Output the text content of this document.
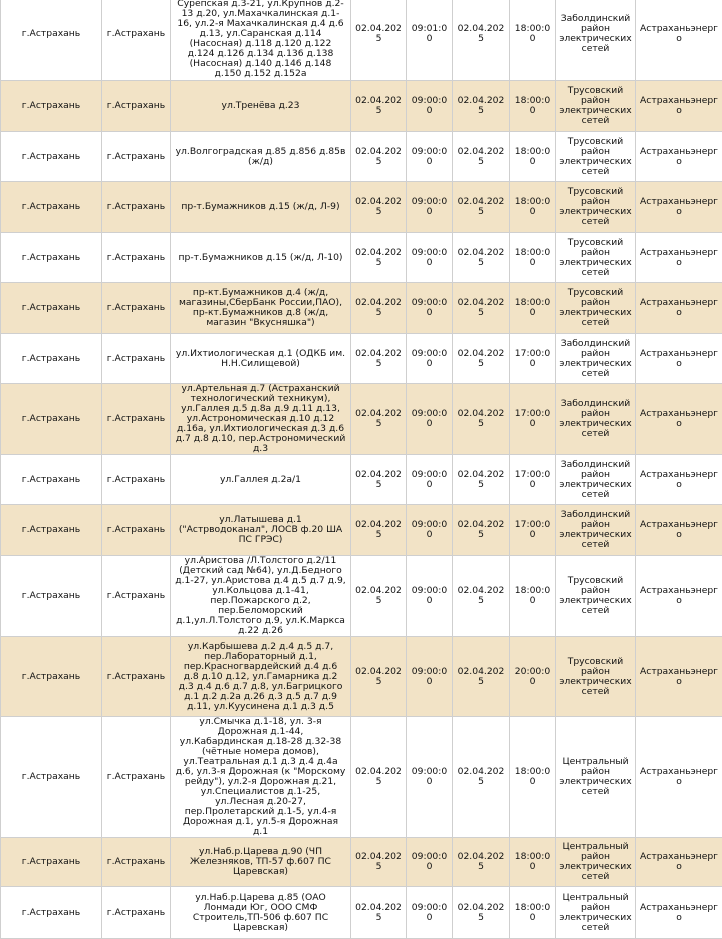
г.Астрахань	г.Астрахань	Сурепская д.3-21, ул.Крупнов д.2-13 д.20, ул.Махачкалинская д.1-16, ул.2-я Махачкалинская д.4 д.6 д.13, ул.Саранская д.114 (Насосная) д.118 д.120 д.122 д.124 д.126 д.134 д.136 д.138 (Насосная) д.140 д.146 д.148 д.150 д.152 д.152а	02.04.2025	09:01:00	02.04.2025	18:00:00	Заболдинский район электрических сетей	Астраханьэнерго
г.Астрахань	г.Астрахань	ул.Тренёва д.23	02.04.2025	09:00:00	02.04.2025	18:00:00	Трусовский район электрических сетей	Астраханьэнерго
г.Астрахань	г.Астрахань	ул.Волгоградская д.85 д.856 д.85в (ж/д)	02.04.2025	09:00:00	02.04.2025	18:00:00	Трусовский район электрических сетей	Астраханьэнерго
г.Астрахань	г.Астрахань	пр-т.Бумажников д.15 (ж/д, Л-9)	02.04.2025	09:00:00	02.04.2025	18:00:00	Трусовский район электрических сетей	Астраханьэнерго
г.Астрахань	г.Астрахань	пр-т.Бумажников д.15 (ж/д, Л-10)	02.04.2025	09:00:00	02.04.2025	18:00:00	Трусовский район электрических сетей	Астраханьэнерго
г.Астрахань	г.Астрахань	пр-кт.Бумажников д.4 (ж/д, магазины,СберБанк России,ПАО), пр-кт.Бумажников д.8 (ж/д, магазин "Вкусняшка")	02.04.2025	09:00:00	02.04.2025	18:00:00	Трусовский район электрических сетей	Астраханьэнерго
г.Астрахань	г.Астрахань	ул.Ихтиологическая д.1 (ОДКБ им. Н.Н.Силищевой)	02.04.2025	09:00:00	02.04.2025	17:00:00	Заболдинский район электрических сетей	Астраханьэнерго
г.Астрахань	г.Астрахань	ул.Артельная д.7 (Астраханский технологический техникум), ул.Галлея д.5 д.8а д.9 д.11 д.13, ул.Астрономическая д.10 д.12 д.16а, ул.Ихтиологическая д.3 д.6 д.7 д.8 д.10, пер.Астрономический д.3	02.04.2025	09:00:00	02.04.2025	17:00:00	Заболдинский район электрических сетей	Астраханьэнерго
г.Астрахань	г.Астрахань	ул.Галлея д.2а/1	02.04.2025	09:00:00	02.04.2025	17:00:00	Заболдинский район электрических сетей	Астраханьэнерго
г.Астрахань	г.Астрахань	ул.Латышева д.1 ("Астрводоканал", ЛОСВ ф.20 ША ПС ГРЭС)	02.04.2025	09:00:00	02.04.2025	17:00:00	Заболдинский район электрических сетей	Астраханьэнерго
г.Астрахань	г.Астрахань	ул.Аристова /Л.Толстого д.2/11 (Детский сад №64), ул.Д.Бедного д.1-27, ул.Аристова д.4 д.5 д.7 д.9, ул.Кольцова д.1-41, пер.Пожарского д.2, пер.Беломорский д.1,ул.Л.Толстого д.9, ул.К.Маркса д.22 д.26	02.04.2025	09:00:00	02.04.2025	18:00:00	Трусовский район электрических сетей	Астраханьэнерго
г.Астрахань	г.Астрахань	ул.Карбышева д.2 д.4 д.5 д.7, пер.Лабораторный д.1, пер.Красногвардейский д.4 д.6 д.8 д.10 д.12, ул.Гамарника д.2 д.3 д.4 д.6 д.7 д.8, ул.Багрицкого д.1 д.2 д.2а д.26 д.3 д.5 д.7 д.9 д.11, ул.Куусинена д.1 д.3 д.5	02.04.2025	09:00:00	02.04.2025	20:00:00	Трусовский район электрических сетей	Астраханьэнерго
г.Астрахань	г.Астрахань	ул.Смычка д.1-18, ул. 3-я Дорожная д.1-44, ул.Кабардинская д.18-28 д.32-38 (чётные номера домов), ул.Театральная д.1 д.3 д.4 д.4а д.6, ул.3-я Дорожная (к "Морскому рейду"), ул.2-я Дорожная д.21, ул.Специалистов д.1-25, ул.Лесная д.20-27, пер.Пролетарский д.1-5, ул.4-я Дорожная д.1, ул.5-я Дорожная д.1	02.04.2025	09:00:00	02.04.2025	18:00:00	Центральный район электрических сетей	Астраханьэнерго
г.Астрахань	г.Астрахань	ул.Наб.р.Царева д.90 (ЧП Железняков, ТП-57 ф.607 ПС Царевская)	02.04.2025	09:00:00	02.04.2025	18:00:00	Центральный район электрических сетей	Астраханьэнерго
г.Астрахань	г.Астрахань	ул.Наб.р.Царева д.85 (ОАО Лонмади Юг, ООО СМФ Строитель,ТП-506 ф.607 ПС Царевская)	02.04.2025	09:00:00	02.04.2025	18:00:00	Центральный район электрических сетей	Астраханьэнерго
